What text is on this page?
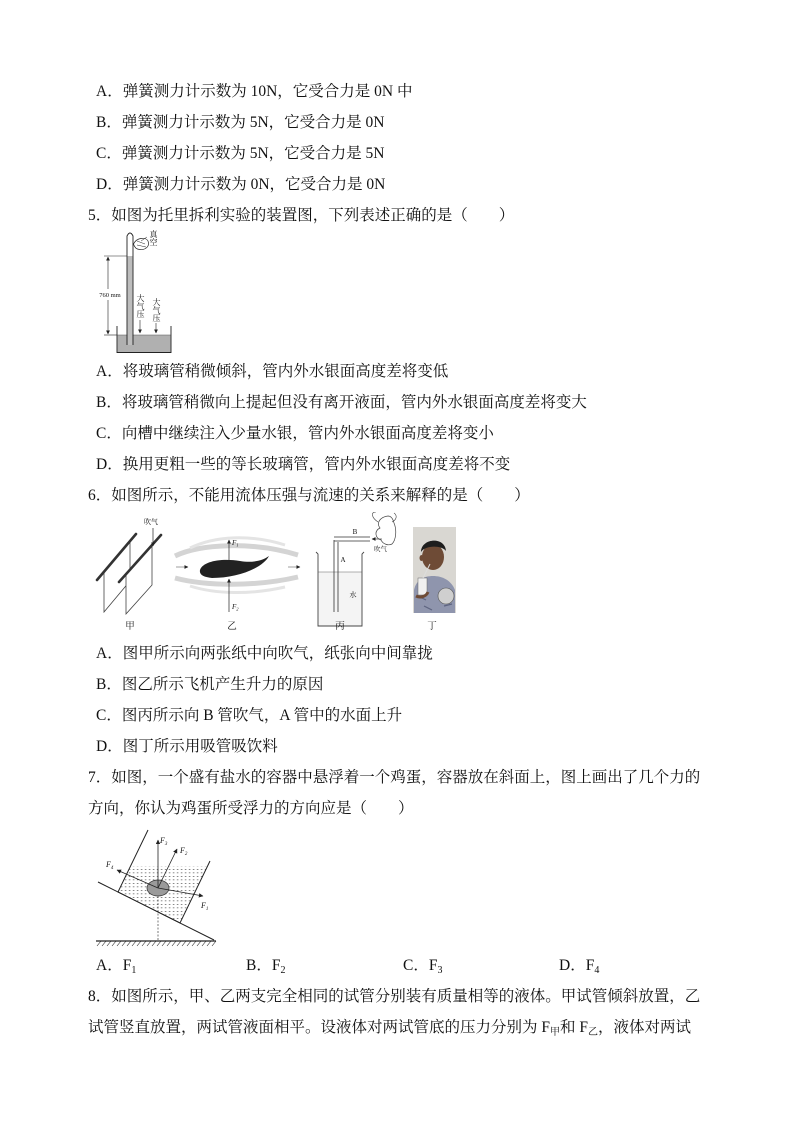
A．弹簧测力计示数为 10N，它受合力是 0N 中
B．弹簧测力计示数为 5N，它受合力是 0N
C．弹簧测力计示数为 5N，它受合力是 5N
D．弹簧测力计示数为 0N，它受合力是 0N
5．如图为托里拆利实验的装置图，下列表述正确的是（　　）
760 mm
真空
大气压 大气压
A．将玻璃管稍微倾斜，管内外水银面高度差将变低
B．将玻璃管稍微向上提起但没有离开液面，管内外水银面高度差将变大
C．向槽中继续注入少量水银，管内外水银面高度差将变小
D．换用更粗一些的等长玻璃管，管内外水银面高度差将不变
6．如图所示，不能用流体压强与流速的关系来解释的是（　　）
吹气
甲
$F_1$
$F_2$
乙
B
A
吹气
水
丙	丁
A．图甲所示向两张纸中向吹气，纸张向中间靠拢
B．图乙所示飞机产生升力的原因
C．图丙所示向 B 管吹气，A 管中的水面上升
D．图丁所示用吸管吸饮料
7．如图，一个盛有盐水的容器中悬浮着一个鸡蛋，容器放在斜面上，图上画出了几个力的
方向，你认为鸡蛋所受浮力的方向应是（　　）
$F_1$
$F_2$
$F_3$
$F_4$
A．$F_1$	B．$F_2$	C．$F_3$	D．$F_4$
8．如图所示，甲、乙两支完全相同的试管分别装有质量相等的液体。甲试管倾斜放置，乙
试管竖直放置，两试管液面相平。设液体对两试管底的压力分别为 $F_甲$和 $F_乙$，液体对两试
